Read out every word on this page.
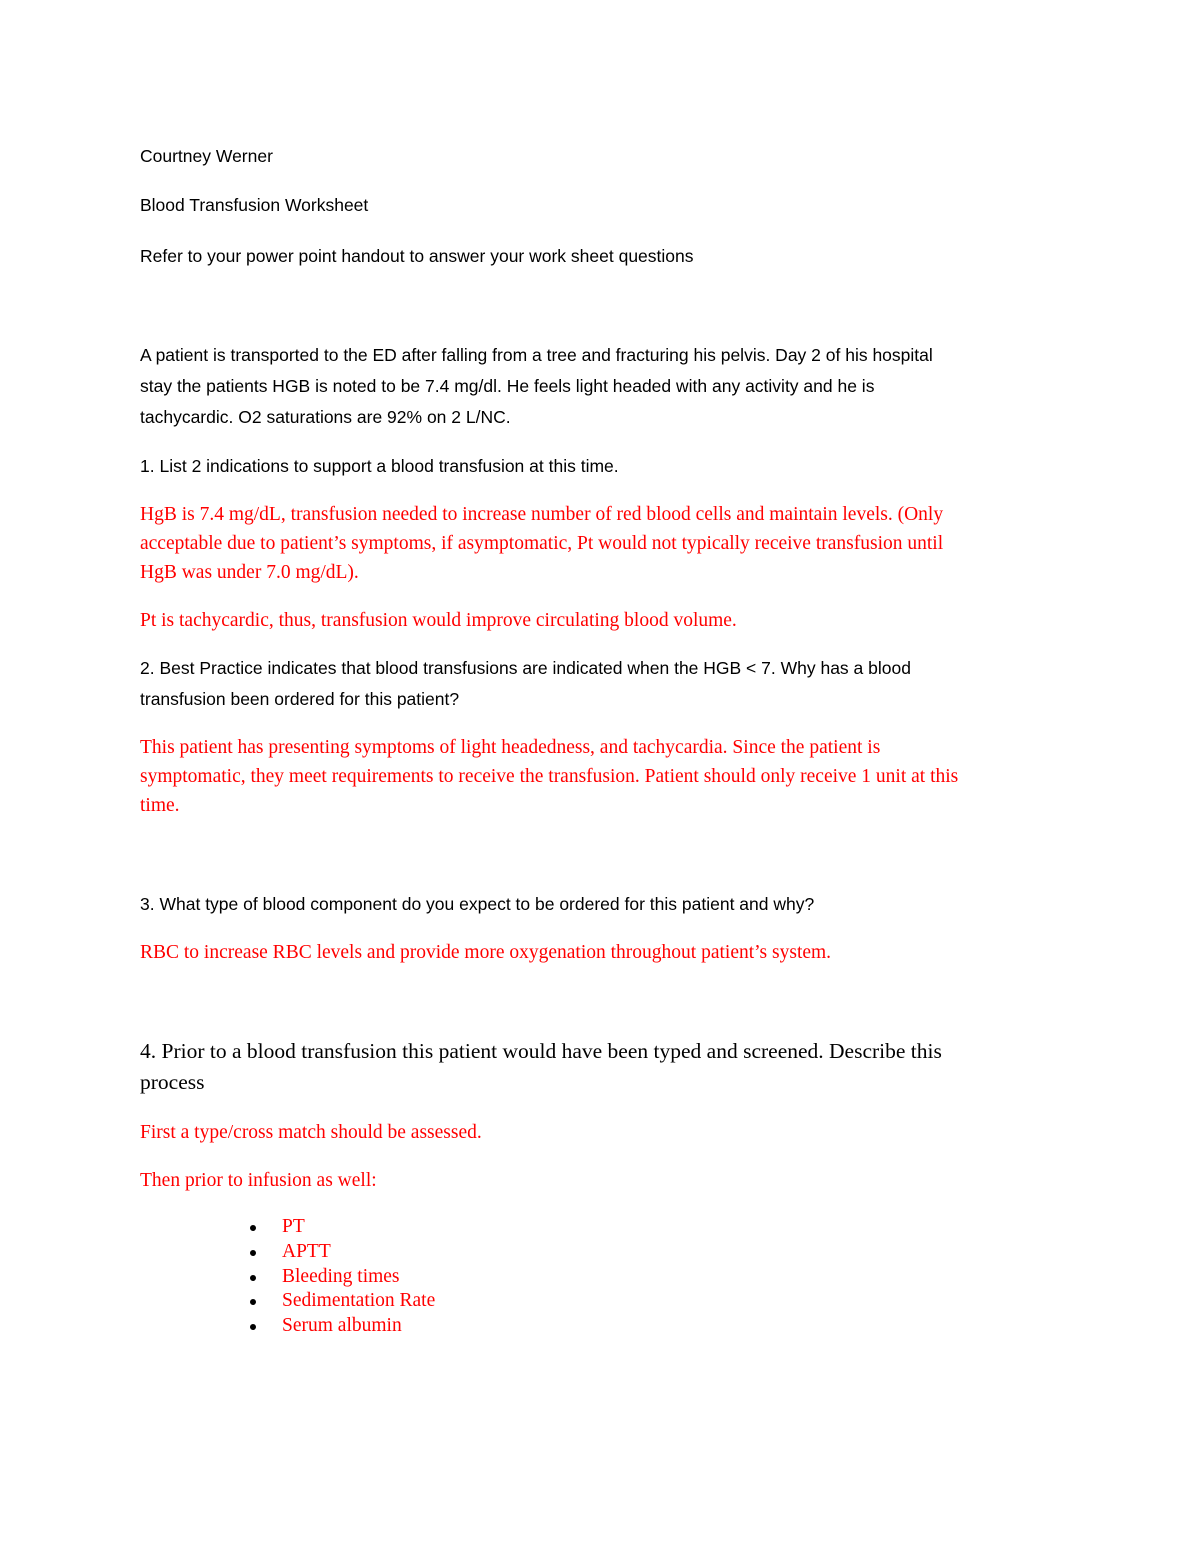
Courtney Werner

Blood Transfusion Worksheet

Refer to your power point handout to answer your work sheet questions

A patient is transported to the ED after falling from a tree and fracturing his pelvis. Day 2 of his hospital
stay the patients HGB is noted to be 7.4 mg/dl. He feels light headed with any activity and he is
tachycardic. O2 saturations are 92% on 2 L/NC.
1. List 2 indications to support a blood transfusion at this time.
HgB is 7.4 mg/dL, transfusion needed to increase number of red blood cells and maintain levels. (Only
acceptable due to patient’s symptoms, if asymptomatic, Pt would not typically receive transfusion until
HgB was under 7.0 mg/dL).
Pt is tachycardic, thus, transfusion would improve circulating blood volume.
2. Best Practice indicates that blood transfusions are indicated when the HGB < 7. Why has a blood
transfusion been ordered for this patient?
This patient has presenting symptoms of light headedness, and tachycardia. Since the patient is
symptomatic, they meet requirements to receive the transfusion. Patient should only receive 1 unit at this
time.
3. What type of blood component do you expect to be ordered for this patient and why?
RBC to increase RBC levels and provide more oxygenation throughout patient’s system.
4. Prior to a blood transfusion this patient would have been typed and screened. Describe this
process
First a type/cross match should be assessed.
Then prior to infusion as well:
PT
APTT
Bleeding times
Sedimentation Rate
Serum albumin
